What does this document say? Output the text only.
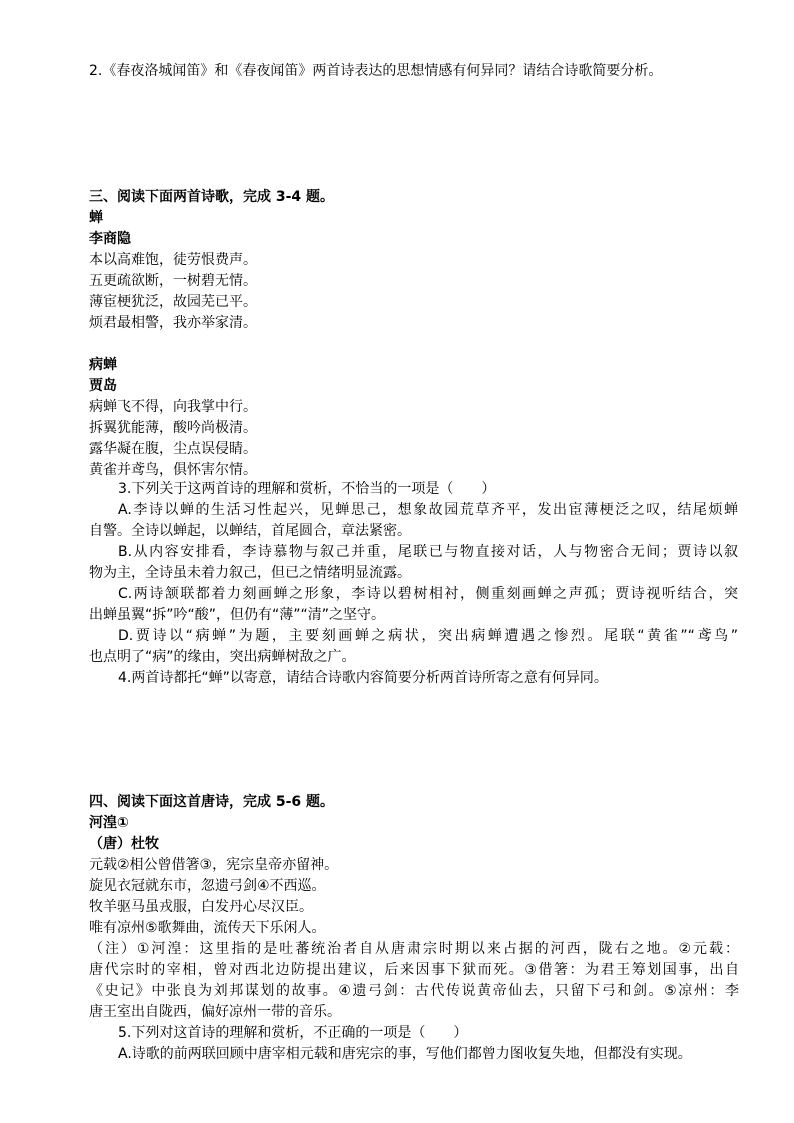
2.《春夜洛城闻笛》和《春夜闻笛》两首诗表达的思想情感有何异同？请结合诗歌简要分析。
三、阅读下面两首诗歌，完成 3-4 题。
蝉
李商隐
本以高难饱，徒劳恨费声。
五更疏欲断，一树碧无情。
薄宦梗犹泛，故园芜已平。
烦君最相警，我亦举家清。
病蝉
贾岛
病蝉飞不得，向我掌中行。
拆翼犹能薄，酸吟尚极清。
露华凝在腹，尘点误侵睛。
黄雀并鸢鸟，俱怀害尔情。
3.下列关于这两首诗的理解和赏析，不恰当的一项是（　　）
A.李诗以蝉的生活习性起兴，见蝉思己，想象故园荒草齐平，发出宦薄梗泛之叹，结尾烦蝉
自警。全诗以蝉起，以蝉结，首尾圆合，章法紧密。
B.从内容安排看，李诗慕物与叙己并重，尾联已与物直接对话，人与物密合无间；贾诗以叙
物为主，全诗虽未着力叙己，但已之情绪明显流露。
C.两诗颔联都着力刻画蝉之形象，李诗以碧树相衬，侧重刻画蝉之声孤；贾诗视听结合，突
出蝉虽翼“拆”吟“酸”，但仍有“薄”“清”之坚守。
D.贾诗以“病蝉”为题，主要刻画蝉之病状，突出病蝉遭遇之惨烈。尾联“黄雀”“鸢鸟”
也点明了“病”的缘由，突出病蝉树敌之广。
4.两首诗都托“蝉”以寄意，请结合诗歌内容简要分析两首诗所寄之意有何异同。
四、阅读下面这首唐诗，完成 5-6 题。
河湟①
（唐）杜牧
元载②相公曾借箸③，宪宗皇帝亦留神。
旋见衣冠就东市，忽遗弓剑④不西巡。
牧羊驱马虽戎服，白发丹心尽汉臣。
唯有凉州⑤歌舞曲，流传天下乐闲人。
（注）①河湟：这里指的是吐蕃统治者自从唐肃宗时期以来占据的河西，陇右之地。②元载：
唐代宗时的宰相，曾对西北边防提出建议，后来因事下狱而死。③借箸：为君王筹划国事，出自
《史记》中张良为刘邦谋划的故事。④遗弓剑：古代传说黄帝仙去，只留下弓和剑。⑤凉州：李
唐王室出自陇西，偏好凉州一带的音乐。
5.下列对这首诗的理解和赏析，不正确的一项是（　　）
A.诗歌的前两联回顾中唐宰相元载和唐宪宗的事，写他们都曾力图收复失地，但都没有实现。
